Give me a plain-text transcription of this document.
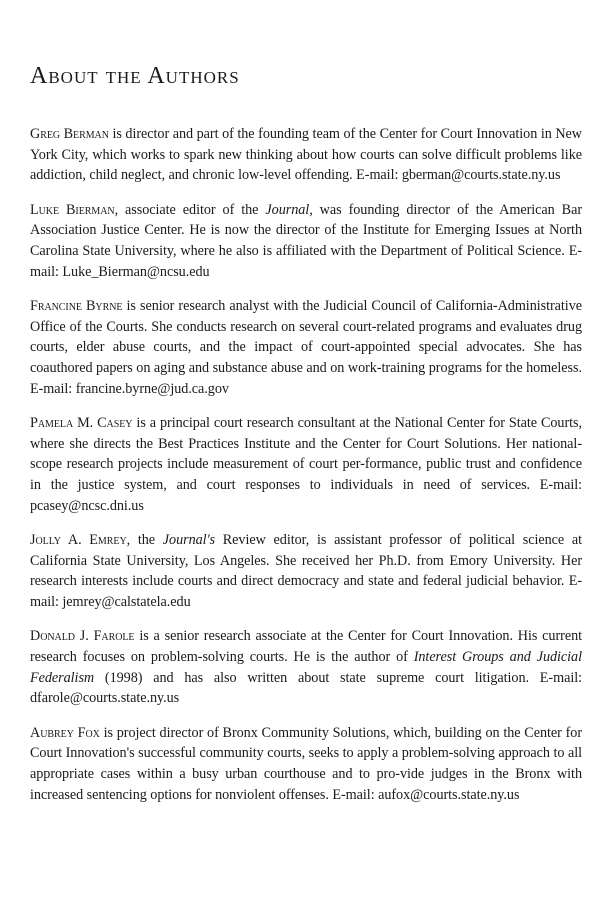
About the Authors

Greg Berman is director and part of the founding team of the Center for Court Innovation in New York City, which works to spark new thinking about how courts can solve difficult problems like addiction, child neglect, and chronic low-level offending. E-mail: gberman@courts.state.ny.us

Luke Bierman, associate editor of the Journal, was founding director of the American Bar Association Justice Center. He is now the director of the Institute for Emerging Issues at North Carolina State University, where he also is affiliated with the Department of Political Science. E-mail: Luke_Bierman@ncsu.edu

Francine Byrne is senior research analyst with the Judicial Council of California-Administrative Office of the Courts. She conducts research on several court-related programs and evaluates drug courts, elder abuse courts, and the impact of court-appointed special advocates. She has coauthored papers on aging and substance abuse and on work-training programs for the homeless. E-mail: francine.byrne@jud.ca.gov

Pamela M. Casey is a principal court research consultant at the National Center for State Courts, where she directs the Best Practices Institute and the Center for Court Solutions. Her national-scope research projects include measurement of court per-formance, public trust and confidence in the justice system, and court responses to individuals in need of services. E-mail: pcasey@ncsc.dni.us

Jolly A. Emrey, the Journal's Review editor, is assistant professor of political science at California State University, Los Angeles. She received her Ph.D. from Emory University. Her research interests include courts and direct democracy and state and federal judicial behavior. E-mail: jemrey@calstatela.edu

Donald J. Farole is a senior research associate at the Center for Court Innovation. His current research focuses on problem-solving courts. He is the author of Interest Groups and Judicial Federalism (1998) and has also written about state supreme court litigation. E-mail: dfarole@courts.state.ny.us

Aubrey Fox is project director of Bronx Community Solutions, which, building on the Center for Court Innovation's successful community courts, seeks to apply a problem-solving approach to all appropriate cases within a busy urban courthouse and to pro-vide judges in the Bronx with increased sentencing options for nonviolent offenses. E-mail: aufox@courts.state.ny.us
